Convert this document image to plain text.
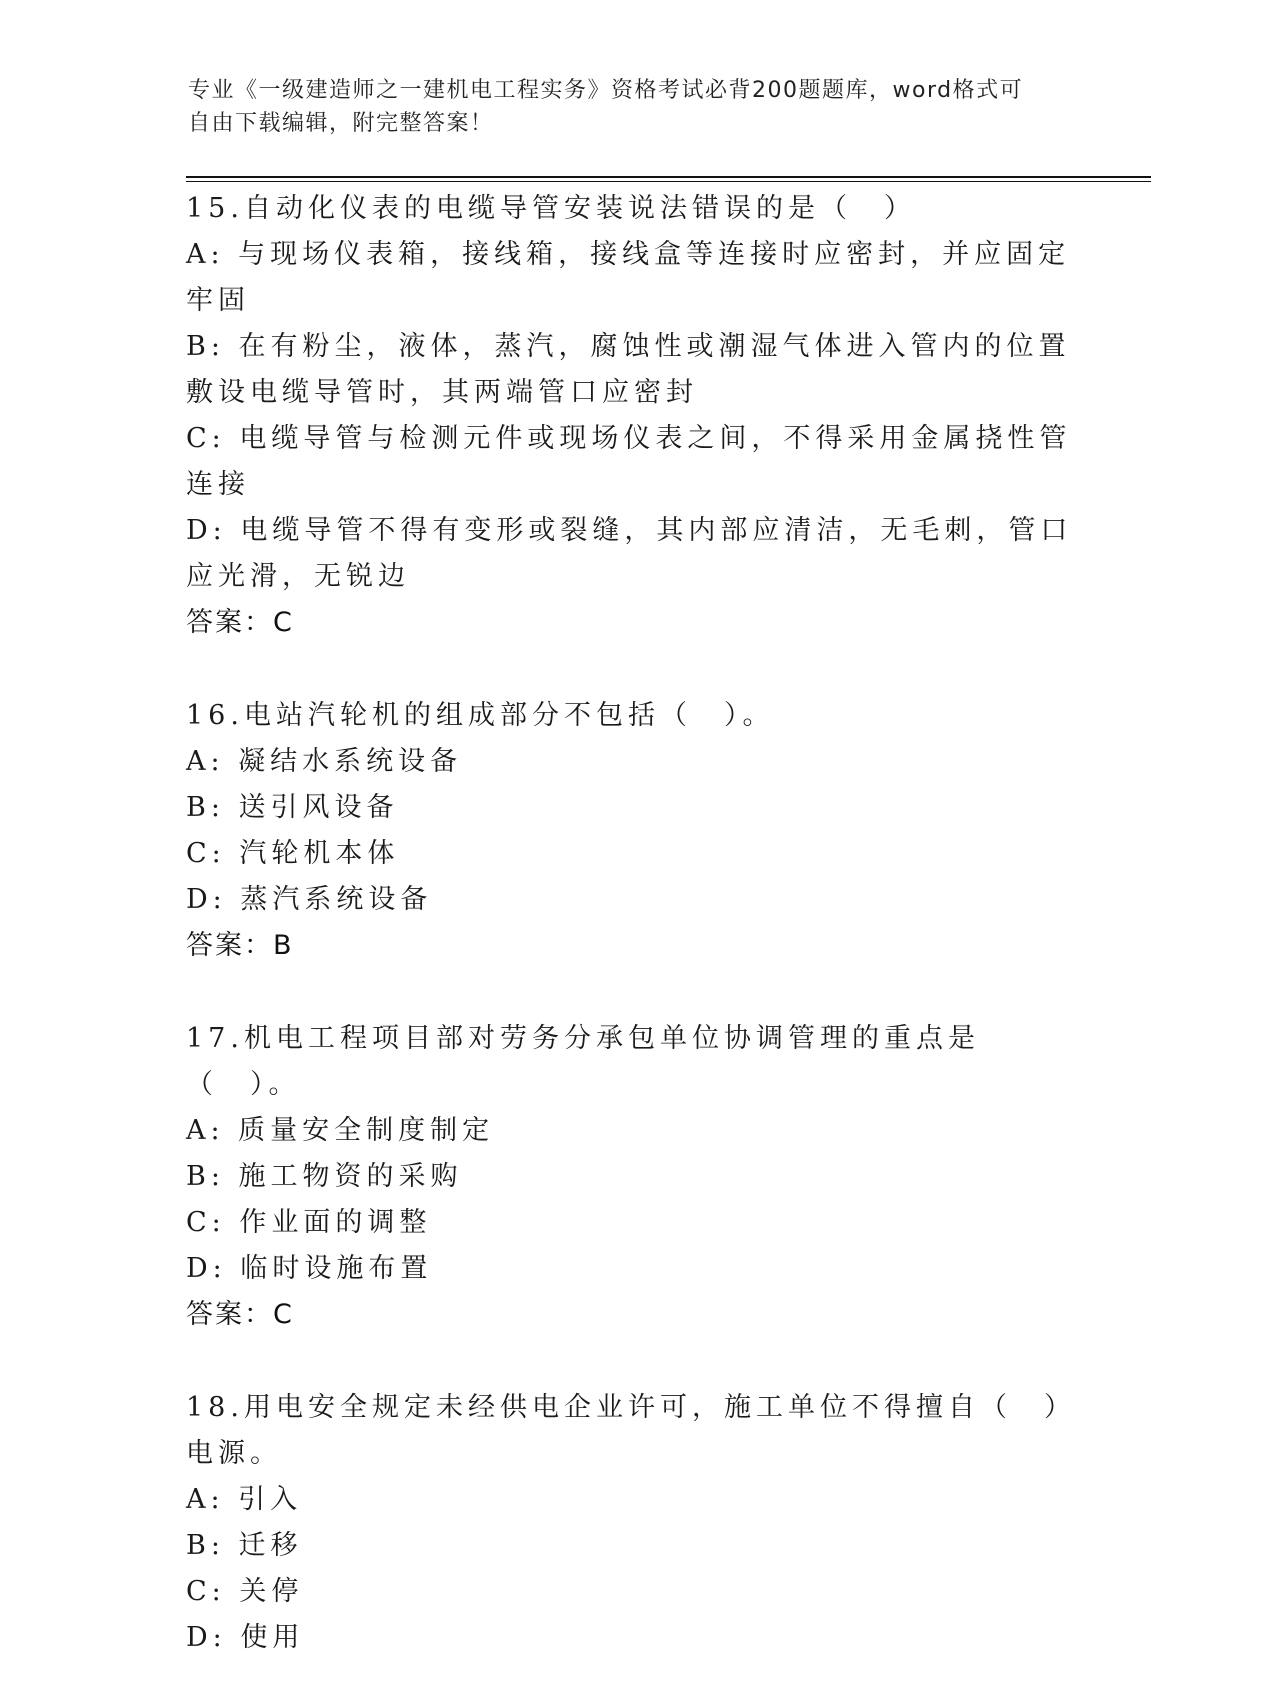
专业《一级建造师之一建机电工程实务》资格考试必背200题题库，word格式可
自由下载编辑，附完整答案！
15.自动化仪表的电缆导管安装说法错误的是（　）
A: 与现场仪表箱，接线箱，接线盒等连接时应密封，并应固定牢固
B: 在有粉尘，液体，蒸汽，腐蚀性或潮湿气体进入管内的位置敷设电缆导管时，其两端管口应密封
C: 电缆导管与检测元件或现场仪表之间，不得采用金属挠性管连接
D: 电缆导管不得有变形或裂缝，其内部应清洁，无毛刺，管口应光滑，无锐边
答案：C
16.电站汽轮机的组成部分不包括（　）。
A: 凝结水系统设备
B: 送引风设备
C: 汽轮机本体
D: 蒸汽系统设备
答案：B
17.机电工程项目部对劳务分承包单位协调管理的重点是（　）。
A: 质量安全制度制定
B: 施工物资的采购
C: 作业面的调整
D: 临时设施布置
答案：C
18.用电安全规定未经供电企业许可，施工单位不得擅自（　）电源。
A: 引入
B: 迁移
C: 关停
D: 使用
